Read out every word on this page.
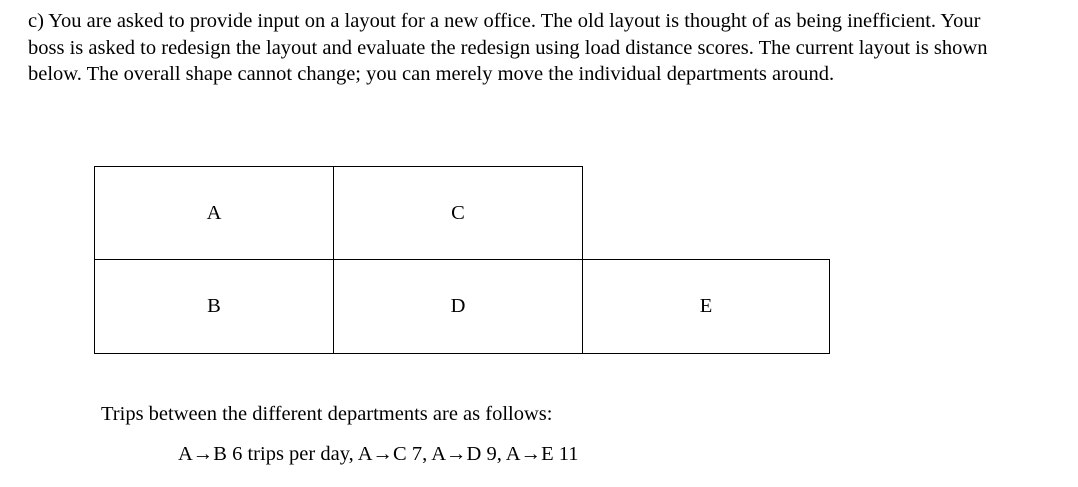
c) You are asked to provide input on a layout for a new office. The old layout is thought of as being inefficient. Your boss is asked to redesign the layout and evaluate the redesign using load distance scores. The current layout is shown below. The overall shape cannot change; you can merely move the individual departments around.
A	C
B	D	E
Trips between the different departments are as follows:
A→B 6 trips per day, A→C 7, A→D 9, A→E 11
